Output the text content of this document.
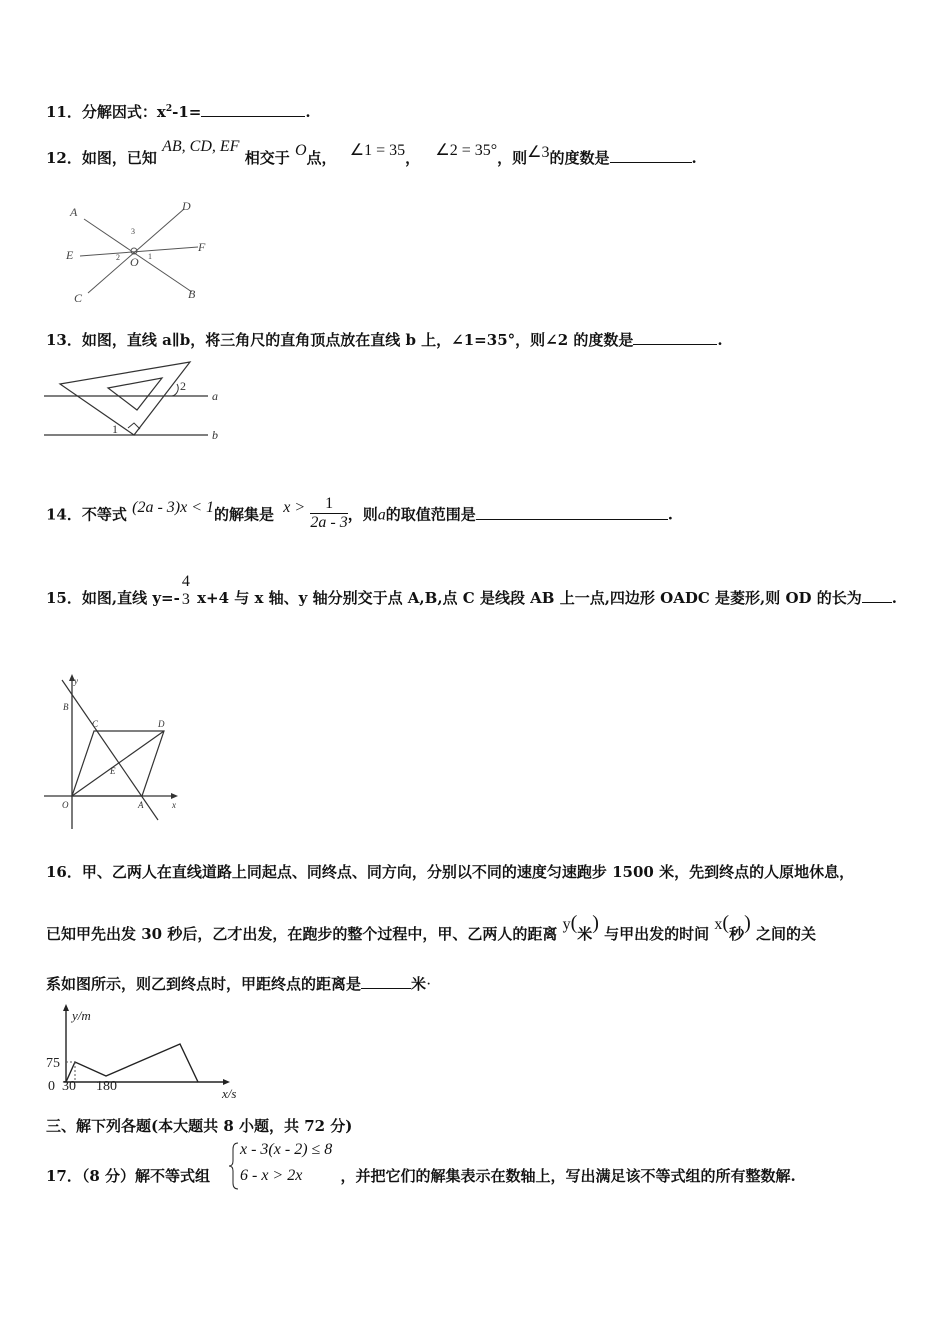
11．分解因式：$x^2-1=$	.
12．如图，已知 AB, CD, EF 相交于 O点， ∠1 = 35， ∠2 = 35°，则∠3的度数是	.
A	D
E
F
C	B
O 1
2
3
13．如图，直线 a∥b，将三角尺的直角顶点放在直线 b 上，∠1=35°，则∠2 的度数是	.
2
1
a
b
14．不等式 (2a - 3)x < 1的解集是 $x > \frac{1}{2a - 3}$ ，则a的取值范围是	.
15．如图,直线 y=-
4
3 x+4 与 x 轴、y 轴分别交于点 A,B,点 C 是线段 AB 上一点,四边形 OADC 是菱形,则 OD 的长为 .
y
x
B
C	D
E
O	A
16．甲、乙两人在直线道路上同起点、同终点、同方向，分别以不同的速度匀速跑步 1500 米，先到终点的人原地休息，
已知甲先出发 30 秒后，乙才出发，在跑步的整个过程中，甲、乙两人的距离 y(米) 与甲出发的时间 x(秒) 之间的关
系如图所示，则乙到终点时，甲距终点的距离是	米·
y/m
x/s
75
0 30 180
三、解下列各题(本大题共 8 小题，共 72 分)
17．（8 分）解不等式组	，并把它们的解集表示在数轴上，写出满足该不等式组的所有整数解.
x - 3(x - 2) ≤ 8
6 - x > 2x
